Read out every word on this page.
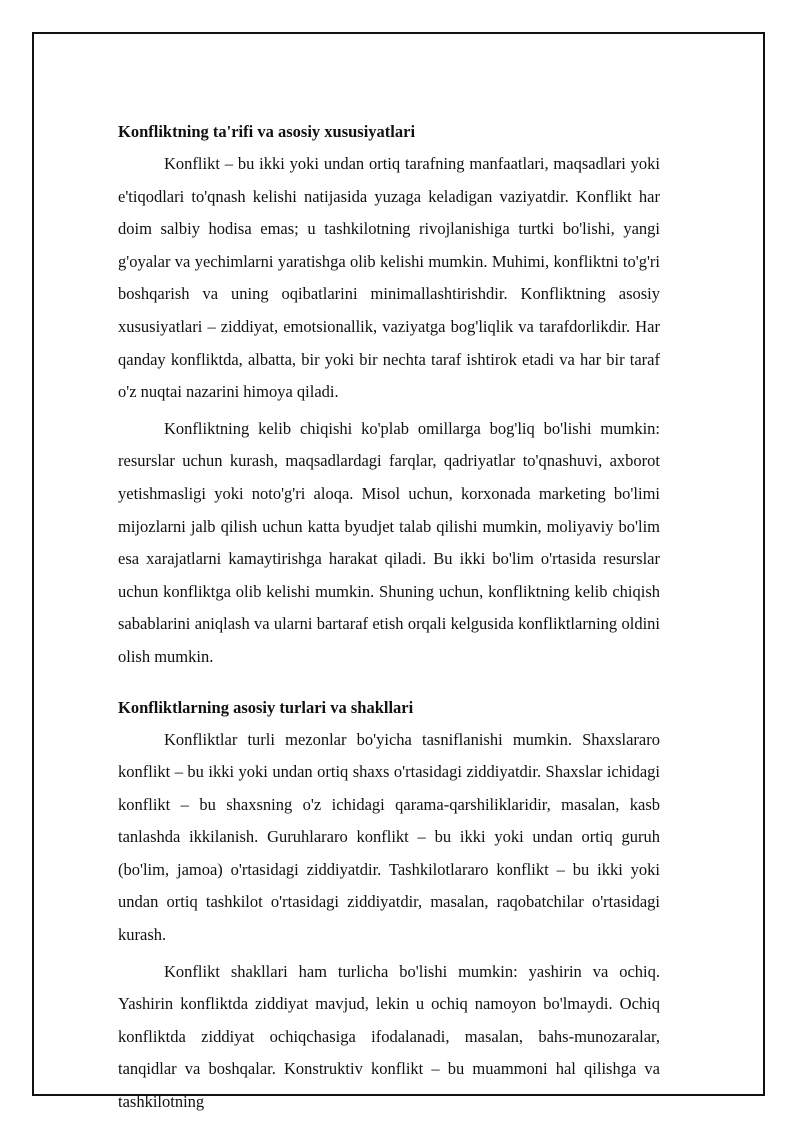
Konfliktning ta'rifi va asosiy xususiyatlari

Konflikt – bu ikki yoki undan ortiq tarafning manfaatlari, maqsadlari yoki e'tiqodlari to'qnash kelishi natijasida yuzaga keladigan vaziyatdir. Konflikt har doim salbiy hodisa emas; u tashkilotning rivojlanishiga turtki bo'lishi, yangi g'oyalar va yechimlarni yaratishga olib kelishi mumkin. Muhimi, konfliktni to'g'ri boshqarish va uning oqibatlarini minimallashtirishdir. Konfliktning asosiy xususiyatlari – ziddiyat, emotsionallik, vaziyatga bog'liqlik va tarafdorlikdir. Har qanday konfliktda, albatta, bir yoki bir nechta taraf ishtirok etadi va har bir taraf o'z nuqtai nazarini himoya qiladi.

Konfliktning kelib chiqishi ko'plab omillarga bog'liq bo'lishi mumkin: resurslar uchun kurash, maqsadlardagi farqlar, qadriyatlar to'qnashuvi, axborot yetishmasligi yoki noto'g'ri aloqa. Misol uchun, korxonada marketing bo'limi mijozlarni jalb qilish uchun katta byudjet talab qilishi mumkin, moliyaviy bo'lim esa xarajatlarni kamaytirishga harakat qiladi. Bu ikki bo'lim o'rtasida resurslar uchun konfliktga olib kelishi mumkin. Shuning uchun, konfliktning kelib chiqish sabablarini aniqlash va ularni bartaraf etish orqali kelgusida konfliktlarning oldini olish mumkin.

Konfliktlarning asosiy turlari va shakllari

Konfliktlar turli mezonlar bo'yicha tasniflanishi mumkin. Shaxslararo konflikt – bu ikki yoki undan ortiq shaxs o'rtasidagi ziddiyatdir. Shaxslar ichidagi konflikt – bu shaxsning o'z ichidagi qarama-qarshiliklaridir, masalan, kasb tanlashda ikkilanish. Guruhlararo konflikt – bu ikki yoki undan ortiq guruh (bo'lim, jamoa) o'rtasidagi ziddiyatdir. Tashkilotlararo konflikt – bu ikki yoki undan ortiq tashkilot o'rtasidagi ziddiyatdir, masalan, raqobatchilar o'rtasidagi kurash.

Konflikt shakllari ham turlicha bo'lishi mumkin: yashirin va ochiq. Yashirin konfliktda ziddiyat mavjud, lekin u ochiq namoyon bo'lmaydi. Ochiq konfliktda ziddiyat ochiqchasiga ifodalanadi, masalan, bahs-munozaralar, tanqidlar va boshqalar. Konstruktiv konflikt – bu muammoni hal qilishga va tashkilotning
